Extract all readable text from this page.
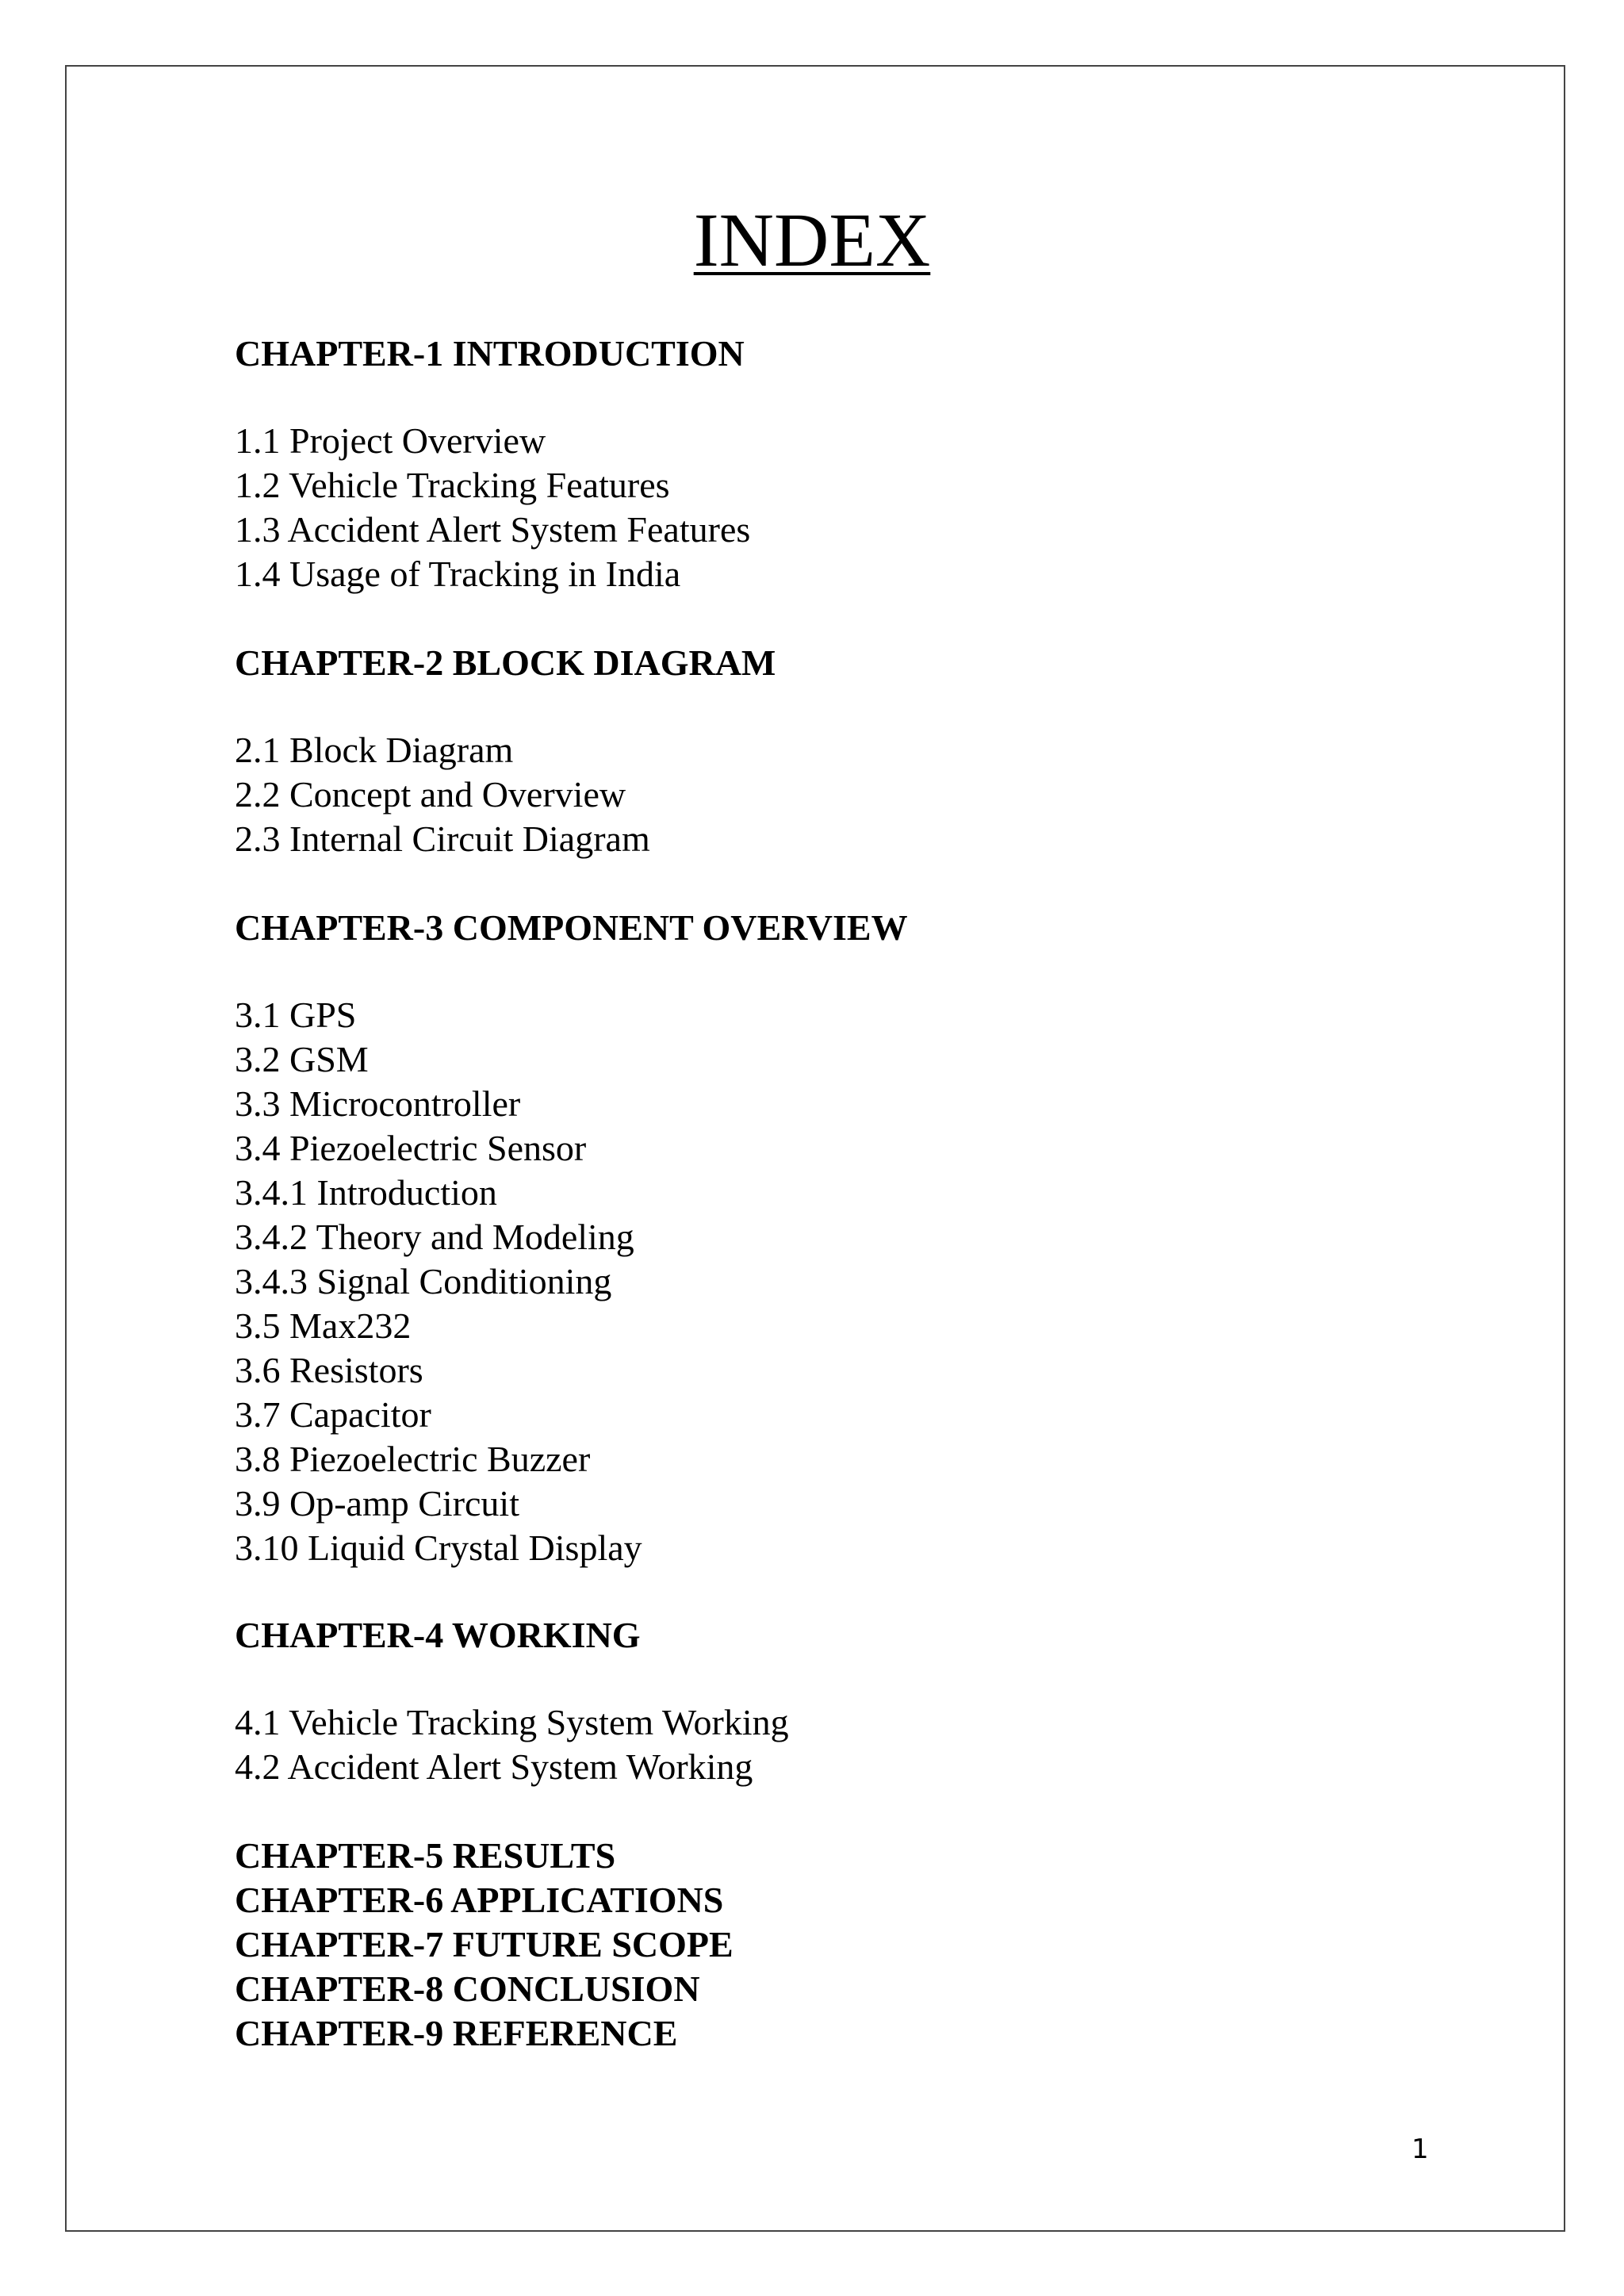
INDEX
CHAPTER-1 INTRODUCTION
1.1 Project Overview
1.2 Vehicle Tracking Features
1.3 Accident Alert System Features
1.4 Usage of Tracking in India
CHAPTER-2 BLOCK DIAGRAM
2.1 Block Diagram
2.2 Concept and Overview
2.3 Internal Circuit Diagram
CHAPTER-3 COMPONENT OVERVIEW
3.1 GPS
3.2 GSM
3.3 Microcontroller
3.4 Piezoelectric Sensor
3.4.1 Introduction
3.4.2 Theory and Modeling
3.4.3 Signal Conditioning
3.5 Max232
3.6 Resistors
3.7 Capacitor
3.8 Piezoelectric Buzzer
3.9 Op-amp Circuit
3.10 Liquid Crystal Display
CHAPTER-4 WORKING
4.1 Vehicle Tracking System Working
4.2 Accident Alert System Working
CHAPTER-5 RESULTS
CHAPTER-6 APPLICATIONS
CHAPTER-7 FUTURE SCOPE
CHAPTER-8 CONCLUSION
CHAPTER-9 REFERENCE
1
